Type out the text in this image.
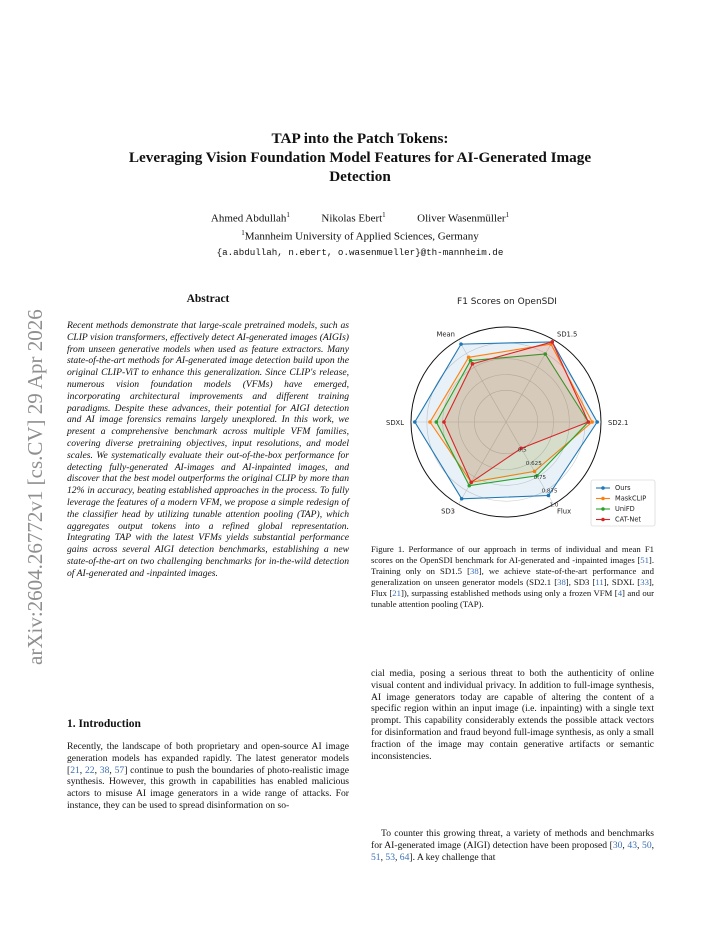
arXiv:2604.26772v1 [cs.CV] 29 Apr 2026
TAP into the Patch Tokens:
Leveraging Vision Foundation Model Features for AI-Generated Image
Detection
Ahmed Abdullah$^1$	Nikolas Ebert$^1$	Oliver Wasenmüller$^1$
$^1$Mannheim University of Applied Sciences, Germany
{a.abdullah, n.ebert, o.wasenmueller}@th-mannheim.de
Abstract
Recent methods demonstrate that large-scale pretrained models, such as CLIP vision transformers, effectively detect AI-generated images (AIGIs) from unseen generative models when used as feature extractors. Many state-of-the-art methods for AI-generated image detection build upon the original CLIP-ViT to enhance this generalization. Since CLIP's release, numerous vision foundation models (VFMs) have emerged, incorporating architectural improvements and different training paradigms. Despite these advances, their potential for AIGI detection and AI image forensics remains largely unexplored. In this work, we present a comprehensive benchmark across multiple VFM families, covering diverse pretraining objectives, input resolutions, and model scales. We systematically evaluate their out-of-the-box performance for detecting fully-generated AI-images and AI-inpainted images, and discover that the best model outperforms the original CLIP by more than 12% in accuracy, beating established approaches in the process. To fully leverage the features of a modern VFM, we propose a simple redesign of the classifier head by utilizing tunable attention pooling (TAP), which aggregates output tokens into a refined global representation. Integrating TAP with the latest VFMs yields substantial performance gains across several AIGI detection benchmarks, establishing a new state-of-the-art on two challenging benchmarks for in-the-wild detection of AI-generated and -inpainted images.
1. Introduction
Recently, the landscape of both proprietary and open-source AI image generation models has expanded rapidly. The latest generator models [21, 22, 38, 57] continue to push the boundaries of photo-realistic image synthesis. However, this growth in capabilities has enabled malicious actors to misuse AI image generators in a wide range of attacks. For instance, they can be used to spread disinformation on so-
F1 Scores on OpenSDI
0.5
0.625
0.75
0.875
1.0
Mean	SD1.5
SD2.1
Flux
SD3
SDXL
Ours
MaskCLIP
UniFD
CAT-Net
Figure 1. Performance of our approach in terms of individual and mean F1 scores on the OpenSDI benchmark for AI-generated and -inpainted images [51]. Training only on SD1.5 [38], we achieve state-of-the-art performance and generalization on unseen generator models (SD2.1 [38], SD3 [11], SDXL [33], Flux [21]), surpassing established methods using only a frozen VFM [4] and our tunable attention pooling (TAP).
cial media, posing a serious threat to both the authenticity of online visual content and individual privacy. In addition to full-image synthesis, AI image generators today are capable of altering the content of a specific region within an input image (i.e. inpainting) with a single text prompt. This capability considerably extends the possible attack vectors for disinformation and fraud beyond full-image synthesis, as only a small fraction of the image may contain generative artifacts or semantic inconsistencies.
To counter this growing threat, a variety of methods and benchmarks for AI-generated image (AIGI) detection have been proposed [30, 43, 50, 51, 53, 64]. A key challenge that
